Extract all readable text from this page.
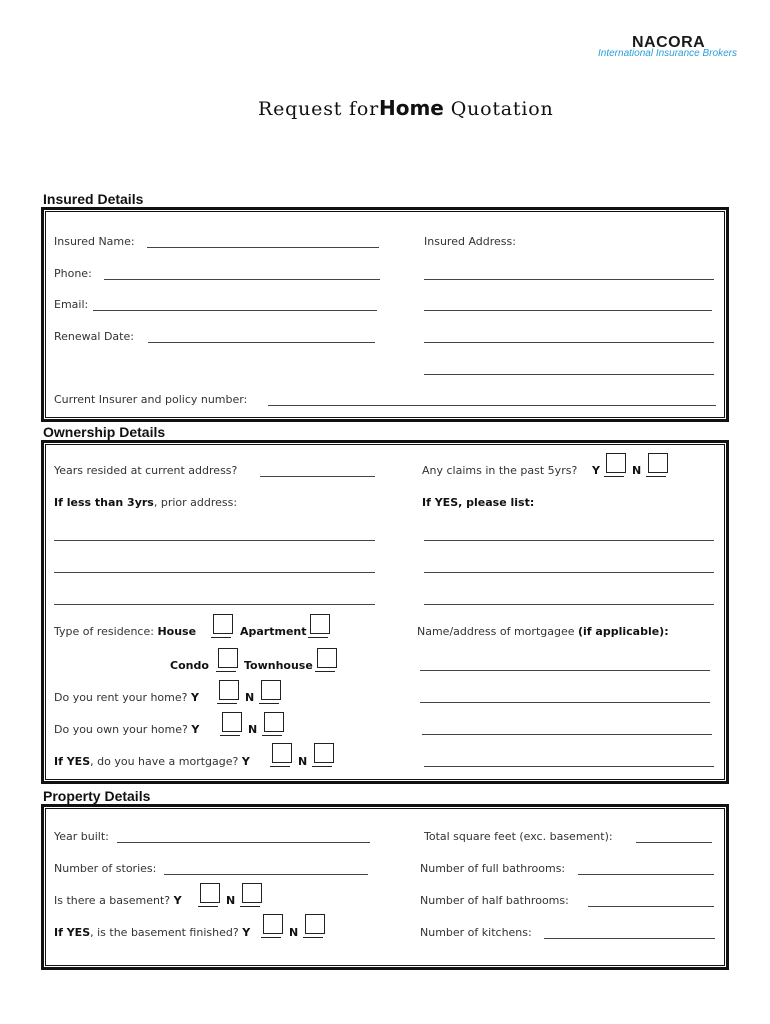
NACORA
International Insurance Brokers
Request forHome Quotation
Insured Details
Insured Name:	Insured Address:
Phone:
Email:
Renewal Date:
Current Insurer and policy number:
Ownership Details
Years resided at current address?	Any claims in the past 5yrs? Y	N
If less than 3yrs, prior address:	If YES, please list:
Type of residence: House	Apartment	Name/address of mortgagee (if applicable):
Condo	Townhouse
Do you rent your home? Y	N
Do you own your home? Y	N
If YES, do you have a mortgage? Y	N
Property Details
Year built:	Total square feet (exc. basement):
Number of stories:	Number of full bathrooms:
Is there a basement? Y	N	Number of half bathrooms:
If YES, is the basement finished? Y	N	Number of kitchens:
